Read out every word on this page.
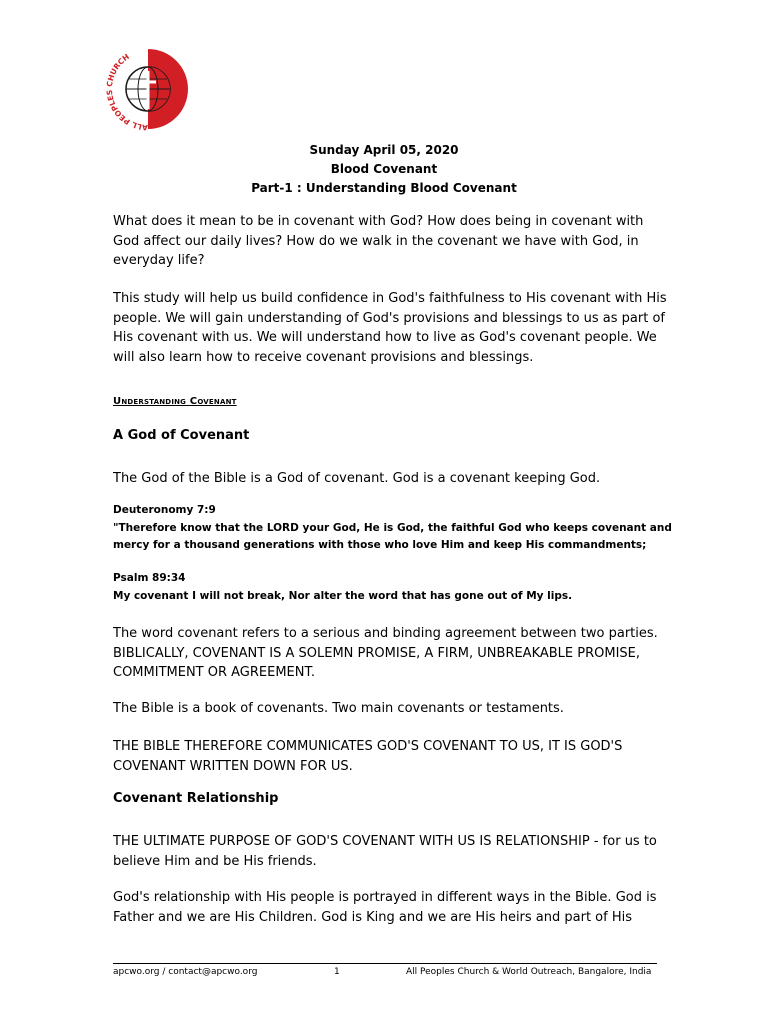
ALL PEOPLES CHURCH
Sunday April 05, 2020
Blood Covenant
Part-1 : Understanding Blood Covenant

What does it mean to be in covenant with God? How does being in covenant with God affect our daily lives? How do we walk in the covenant we have with God, in everyday life?

This study will help us build confidence in God's faithfulness to His covenant with His people. We will gain understanding of God's provisions and blessings to us as part of His covenant with us. We will understand how to live as God's covenant people. We will also learn how to receive covenant provisions and blessings.

Understanding Covenant
A God of Covenant

The God of the Bible is a God of covenant. God is a covenant keeping God.

Deuteronomy 7:9

"Therefore know that the LORD your God, He is God, the faithful God who keeps covenant and mercy for a thousand generations with those who love Him and keep His commandments;

Psalm 89:34

My covenant I will not break, Nor alter the word that has gone out of My lips.

The word covenant refers to a serious and binding agreement between two parties. BIBLICALLY, COVENANT IS A SOLEMN PROMISE, A FIRM, UNBREAKABLE PROMISE, COMMITMENT OR AGREEMENT.

The Bible is a book of covenants. Two main covenants or testaments.

THE BIBLE THEREFORE COMMUNICATES GOD'S COVENANT TO US, IT IS GOD'S COVENANT WRITTEN DOWN FOR US.

Covenant Relationship

THE ULTIMATE PURPOSE OF GOD'S COVENANT WITH US IS RELATIONSHIP - for us to believe Him and be His friends.

God's relationship with His people is portrayed in different ways in the Bible. God is Father and we are His Children. God is King and we are His heirs and part of His

apcwo.org / contact@apcwo.org	1	All Peoples Church & World Outreach, Bangalore, India
